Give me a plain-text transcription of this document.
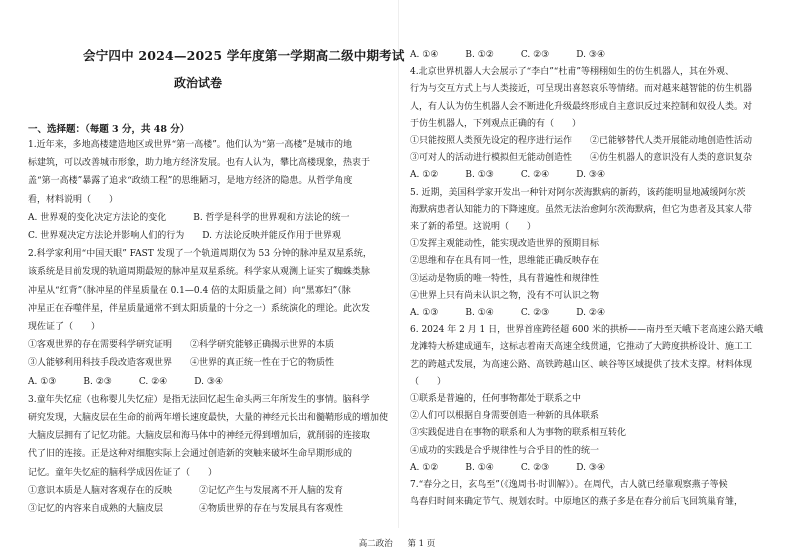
会宁四中 2024—2025 学年度第一学期高二级中期考试
政治试卷
一、选择题：（每题 3 分，共 48 分）
1.近年来，多地高楼建造地区或世界“第一高楼”。他们认为“第一高楼”是城市的地
标建筑，可以改善城市形象，助力地方经济发展。也有人认为，攀比高楼现象，热衷于
盖“第一高楼”暴露了追求“政绩工程”的思维陋习，是地方经济的隐患。从哲学角度
看，材料说明（　　）
A. 世界观的变化决定方法论的变化　　　B. 哲学是科学的世界观和方法论的统一
C. 世界观决定方法论并影响人们的行为　　D. 方法论反映并能反作用于世界观
2.科学家利用“中国天眼” FAST 发现了一个轨道周期仅为 53 分钟的脉冲星双星系统，
该系统是目前发现的轨道周期最短的脉冲星双星系统。科学家从观测上证实了蜘蛛类脉
冲星从“红背”（脉冲星的伴星质量在 0.1—0.4 倍的太阳质量之间）向“黑寡妇”（脉
冲星正在吞噬伴星，伴星质量通常不到太阳质量的十分之一）系统演化的理论。此次发
现佐证了（　　）
①客观世界的存在需要科学研究证明　　②科学研究能够正确揭示世界的本质
③人能够利用科技手段改造客观世界　　④世界的真正统一性在于它的物质性
A. ①③　　　B. ②③　　　C. ②④　　　D. ③④
3.童年失忆症（也称婴儿失忆症）是指无法回忆起生命头两三年所发生的事情。脑科学
研究发现，大脑皮层在生命的前两年增长速度最快，大量的神经元长出和髓鞘形成的增加使
大脑皮层拥有了记忆功能。大脑皮层和海马体中的神经元得到增加后，就削弱的连接取
代了旧的连接。正是这种对细胞实际上会通过创造新的突触来破坏生命早期形成的
记忆。童年失忆症的脑科学成因佐证了（　　）
①意识本质是人脑对客观存在的反映　　　②记忆产生与发展离不开人脑的发育
③记忆的内容来自成熟的大脑皮层　　　　④物质世界的存在与发展具有客观性
A. ①④　　　B. ①②　　　C. ②③　　　D. ③④
4.北京世界机器人大会展示了“李白”“杜甫”等栩栩如生的仿生机器人，其在外观、
行为与交互方式上与人类接近，可呈现出喜怒哀乐等情绪。而对越来越智能的仿生机器
人，有人认为仿生机器人会不断进化升级最终形成自主意识反过来控制和奴役人类。对
于仿生机器人，下列观点正确的有（　　）
①只能按照人类预先设定的程序进行运作　　②已能够替代人类开展能动地创造性活动
③可对人的活动进行模拟但无能动创造性　　④仿生机器人的意识没有人类的意识复杂
A. ①②　　　B. ①③　　　C. ②④　　　D. ③④
5. 近期，美国科学家开发出一种针对阿尔茨海默病的新药，该药能明显地减缓阿尔茨
海默病患者认知能力的下降速度。虽然无法治愈阿尔茨海默病，但它为患者及其家人带
来了新的希望。这说明（　　）
①发挥主观能动性，能实现改造世界的预期目标
②思维和存在具有同一性，思维能正确反映存在
③运动是物质的唯一特性，具有普遍性和规律性
④世界上只有尚未认识之物，没有不可认识之物
A. ①③　　　B. ①④　　　C. ②③　　　D. ②④
6. 2024 年 2 月 1 日，世界首座跨径超 600 米的拱桥——南丹至天峨下老高速公路天峨
龙滩特大桥建成通车，这标志着南天高速全线贯通，它推动了大跨度拱桥设计、施工工
艺的跨越式发展，为高速公路、高铁跨越山区、峡谷等区域提供了技术支撑。材料体现
（　　）
①联系是普遍的，任何事物都处于联系之中
②人们可以根据自身需要创造一种新的具体联系
③实践促进自在事物的联系和人为事物的联系相互转化
④成功的实践是合乎规律性与合乎目的性的统一
A. ①②　　　B. ①④　　　C. ②③　　　D. ③④
7.“春分之日，玄鸟至”（《逸周书·时训解》）。在周代，古人就已经靠观察燕子等候
鸟春归时间来确定节气、规划农时。中原地区的燕子多是在春分前后飞回筑巢育雏，
高二政治 第 1 页
